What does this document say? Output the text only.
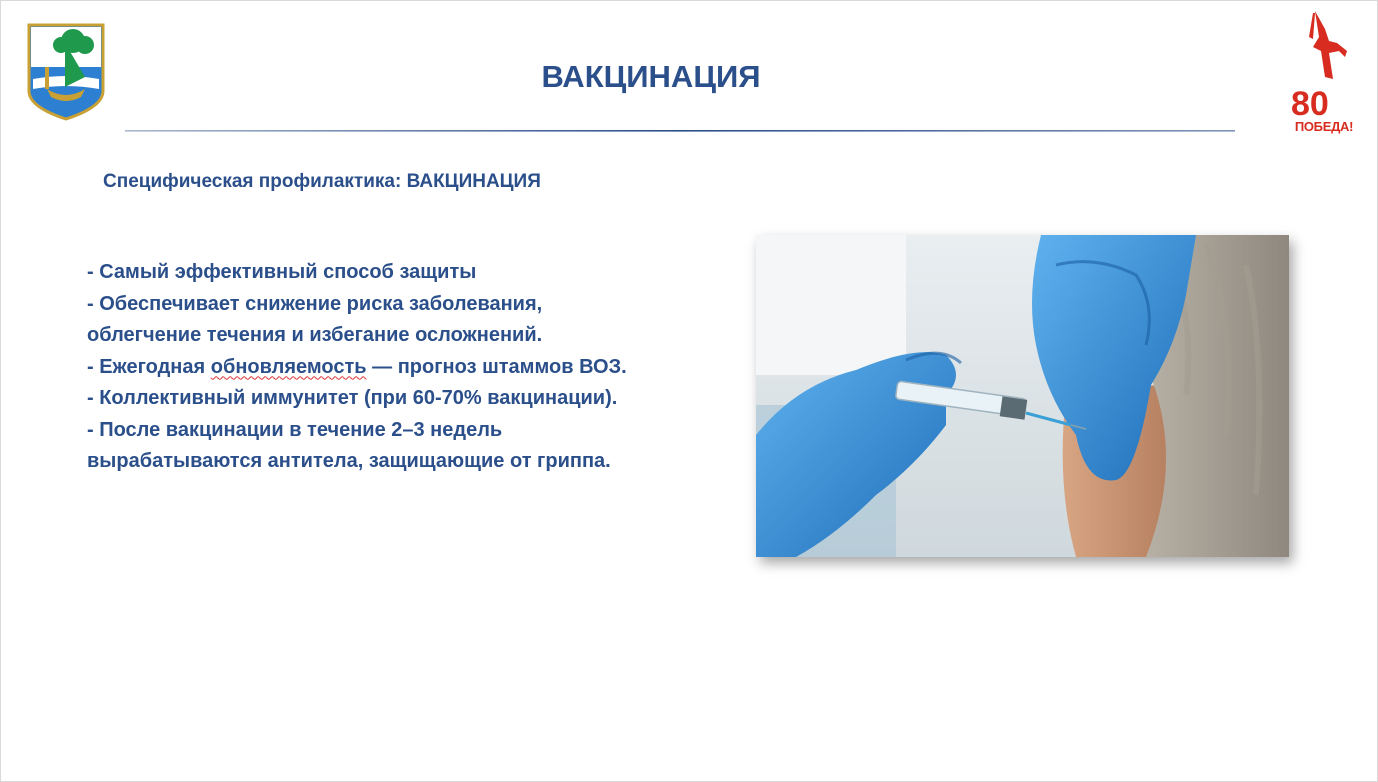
80
ПОБЕДА!
ВАКЦИНАЦИЯ
Специфическая профилактика: ВАКЦИНАЦИЯ
- Самый эффективный способ защиты
- Обеспечивает снижение риска заболевания,
облегчение течения и избегание осложнений.
- Ежегодная обновляемость — прогноз штаммов ВОЗ.
- Коллективный иммунитет (при 60-70% вакцинации).
- После вакцинации в течение 2–3 недель
вырабатываются антитела, защищающие от гриппа.
